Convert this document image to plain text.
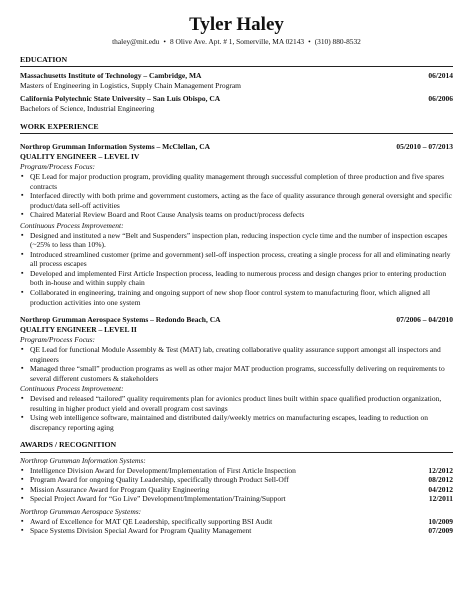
Tyler Haley
thaley@mit.edu • 8 Olive Ave. Apt. # 1, Somerville, MA 02143 • (310) 880-8532
EDUCATION
Massachusetts Institute of Technology – Cambridge, MA	06/2014
Masters of Engineering in Logistics, Supply Chain Management Program
California Polytechnic State University – San Luis Obispo, CA	06/2006
Bachelors of Science, Industrial Engineering
WORK EXPERIENCE
Northrop Grumman Information Systems – McClellan, CA	05/2010 – 07/2013
QUALITY ENGINEER – LEVEL IV
Program/Process Focus:
▪ QE Lead for major production program, providing quality management through successful completion of three production and five spares contracts
▪ Interfaced directly with both prime and government customers, acting as the face of quality assurance through general oversight and specific product/data sell-off activities
▪ Chaired Material Review Board and Root Cause Analysis teams on product/process defects
Continuous Process Improvement:
▪ Designed and instituted a new “Belt and Suspenders” inspection plan, reducing inspection cycle time and the number of inspection escapes (~25% to less than 10%).
▪ Introduced streamlined customer (prime and government) sell-off inspection process, creating a single process for all and eliminating nearly all process escapes
▪ Developed and implemented First Article Inspection process, leading to numerous process and design changes prior to entering production both in-house and within supply chain
▪ Collaborated in engineering, training and ongoing support of new shop floor control system to manufacturing floor, which aligned all production activities into one system
Northrop Grumman Aerospace Systems – Redondo Beach, CA	07/2006 – 04/2010
QUALITY ENGINEER – LEVEL II
Program/Process Focus:
▪ QE Lead for functional Module Assembly & Test (MAT) lab, creating collaborative quality assurance support amongst all inspectors and engineers
▪ Managed three “small” production programs as well as other major MAT production programs, successfully delivering on requirements to several different customers & stakeholders
Continuous Process Improvement:
▪ Devised and released “tailored” quality requirements plan for avionics product lines built within space qualified production organization, resulting in higher product yield and overall program cost savings
▪ Using web intelligence software, maintained and distributed daily/weekly metrics on manufacturing escapes, leading to reduction on discrepancy reporting aging
AWARDS / RECOGNITION
Northrop Grumman Information Systems:
▪ Intelligence Division Award for Development/Implementation of First Article Inspection	12/2012
▪ Program Award for ongoing Quality Leadership, specifically through Product Sell-Off	08/2012
▪ Mission Assurance Award for Program Quality Engineering	04/2012
▪ Special Project Award for “Go Live” Development/Implementation/Training/Support	12/2011
Northrop Grumman Aerospace Systems:
▪ Award of Excellence for MAT QE Leadership, specifically supporting BSI Audit	10/2009
▪ Space Systems Division Special Award for Program Quality Management	07/2009
